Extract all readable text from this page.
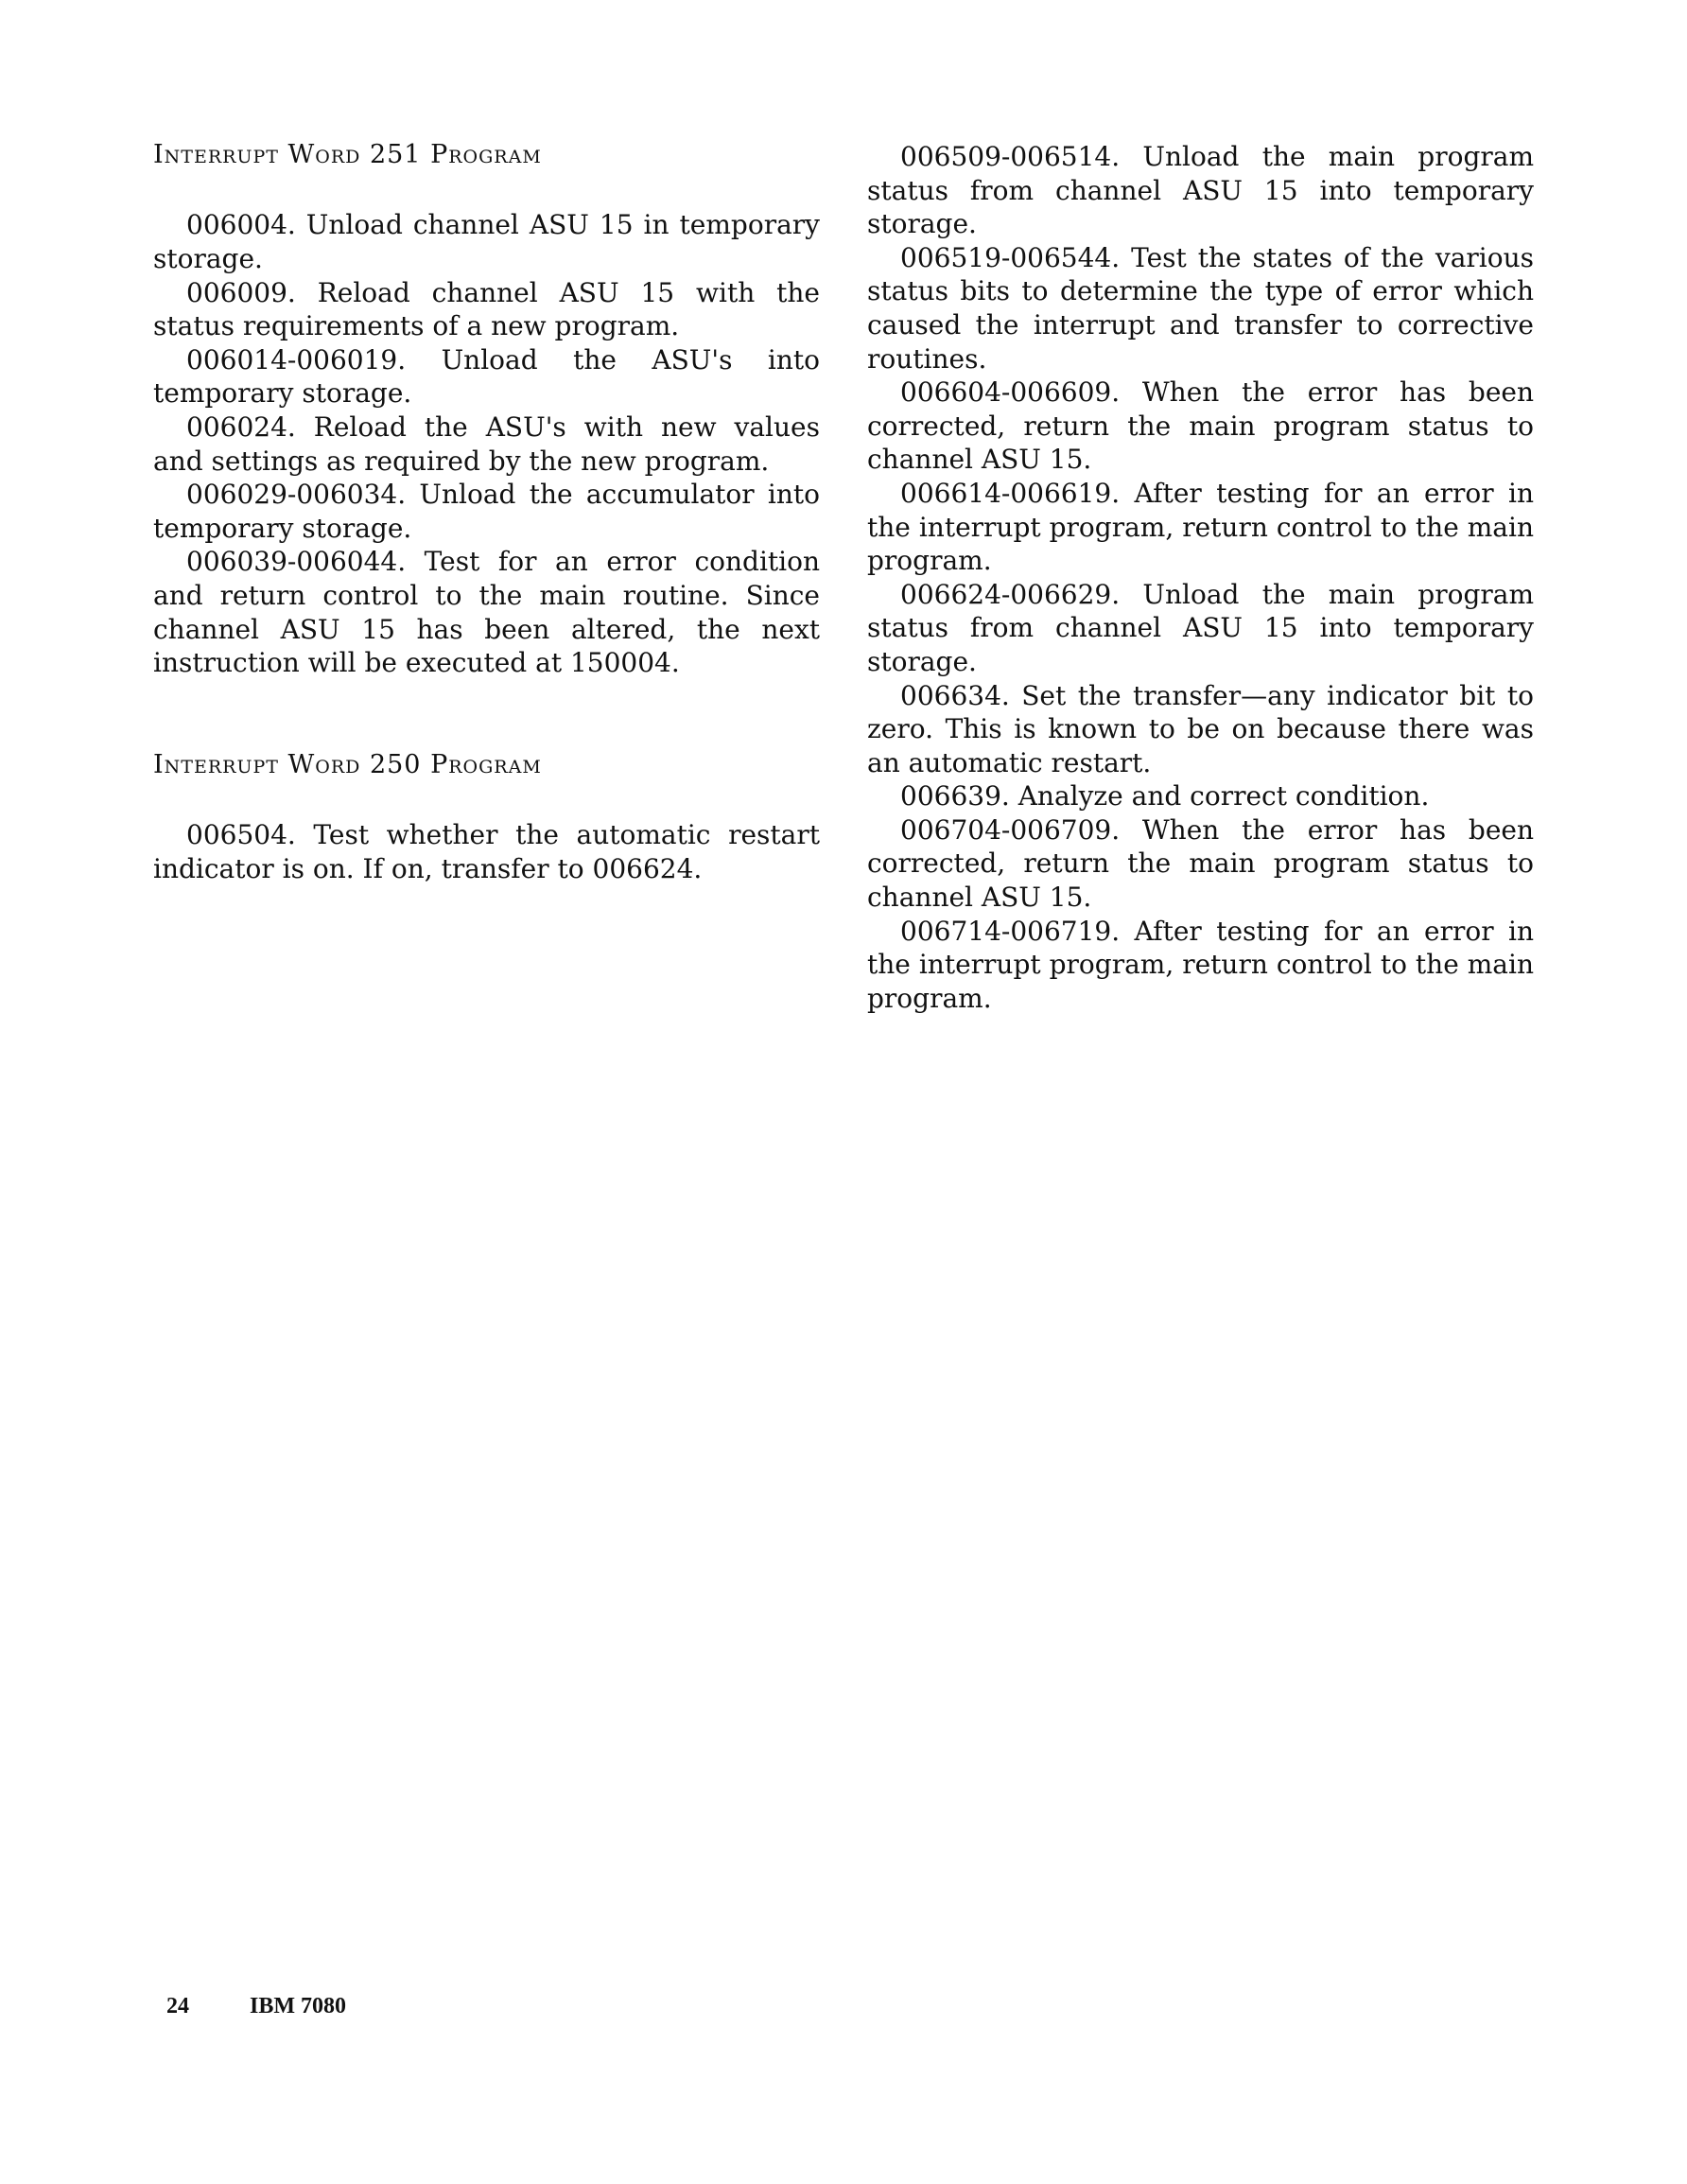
Interrupt Word 251 Program

006004. Unload channel ASU 15 in temporary storage.

006009. Reload channel ASU 15 with the status requirements of a new program.

006014-006019. Unload the ASU's into temporary storage.

006024. Reload the ASU's with new values and settings as required by the new program.

006029-006034. Unload the accumulator into temporary storage.

006039-006044. Test for an error condition and return control to the main routine. Since channel ASU 15 has been altered, the next instruction will be executed at 150004.

Interrupt Word 250 Program

006504. Test whether the automatic restart indicator is on. If on, transfer to 006624.

006509-006514. Unload the main program status from channel ASU 15 into temporary storage.

006519-006544. Test the states of the various status bits to determine the type of error which caused the interrupt and transfer to corrective routines.

006604-006609. When the error has been corrected, return the main program status to channel ASU 15.

006614-006619. After testing for an error in the interrupt program, return control to the main program.

006624-006629. Unload the main program status from channel ASU 15 into temporary storage.

006634. Set the transfer—any indicator bit to zero. This is known to be on because there was an automatic restart.

006639. Analyze and correct condition.

006704-006709. When the error has been corrected, return the main program status to channel ASU 15.

006714-006719. After testing for an error in the interrupt program, return control to the main program.

24	IBM 7080
